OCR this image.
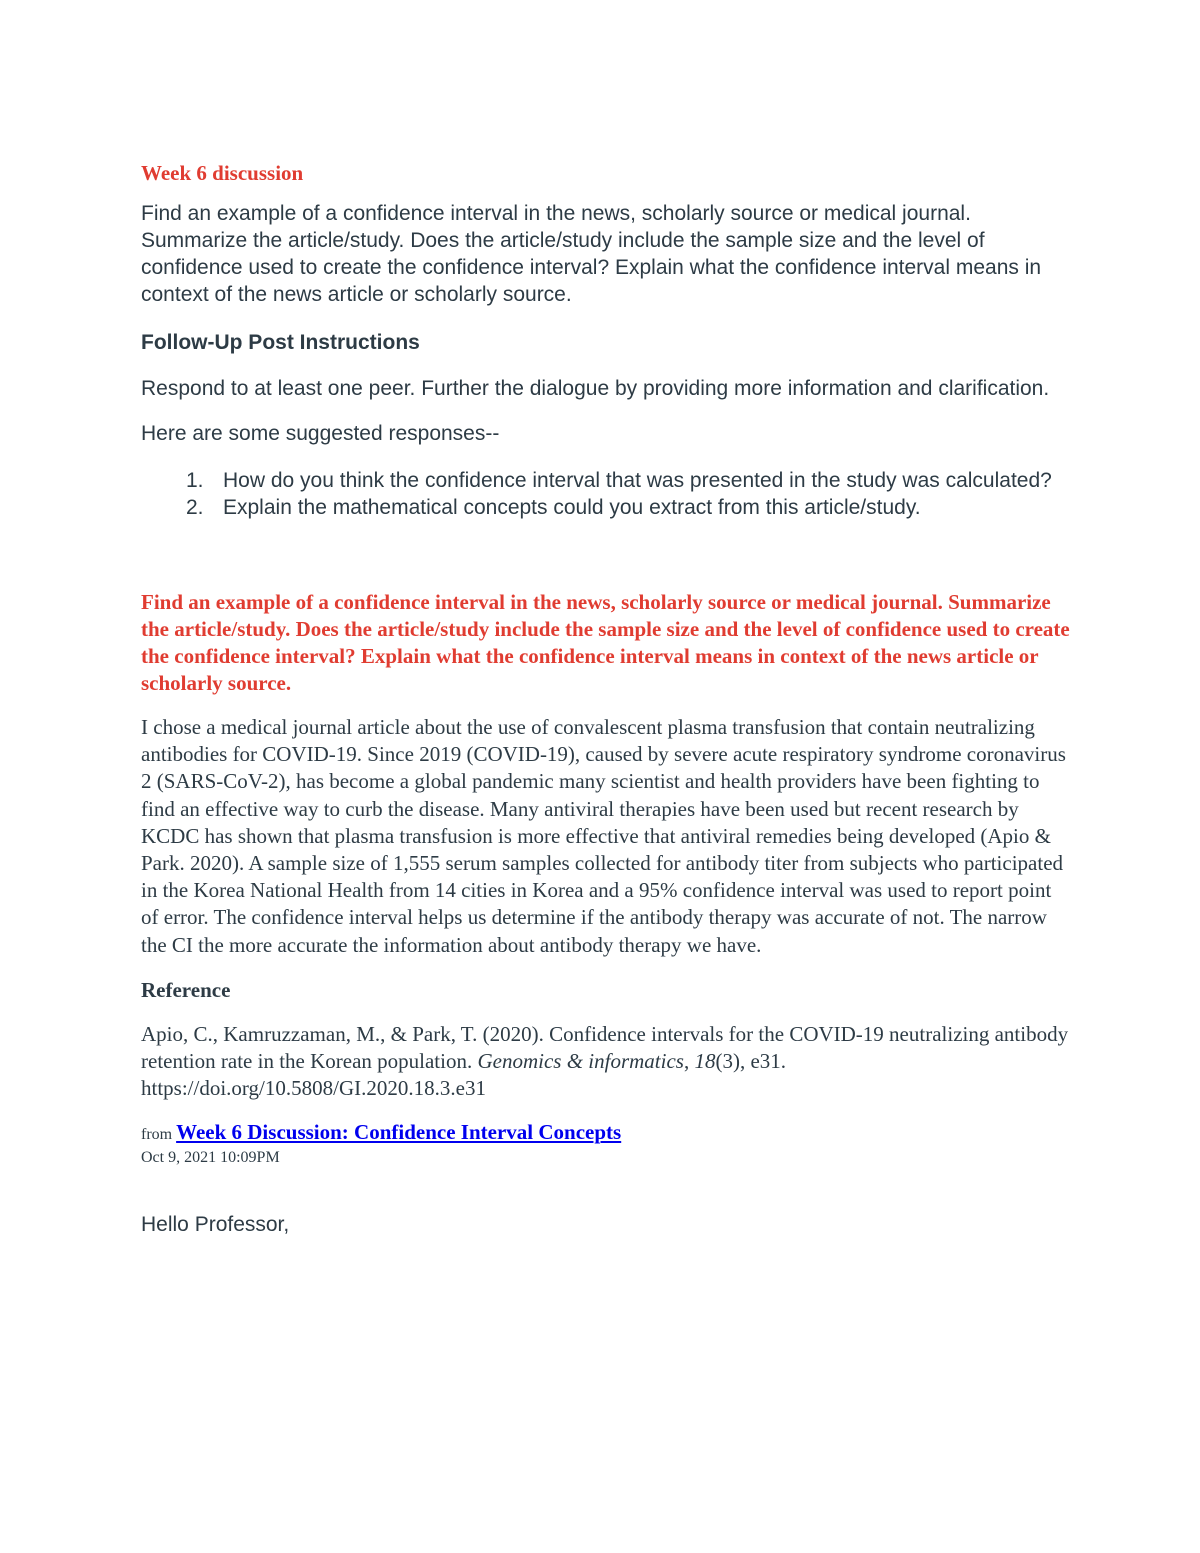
Week 6 discussion

Find an example of a confidence interval in the news, scholarly source or medical journal. Summarize the article/study. Does the article/study include the sample size and the level of confidence used to create the confidence interval? Explain what the confidence interval means in context of the news article or scholarly source.

Follow-Up Post Instructions

Respond to at least one peer. Further the dialogue by providing more information and clarification.

Here are some suggested responses--

1. How do you think the confidence interval that was presented in the study was calculated?
2. Explain the mathematical concepts could you extract from this article/study.

Find an example of a confidence interval in the news, scholarly source or medical journal. Summarize the article/study. Does the article/study include the sample size and the level of confidence used to create the confidence interval? Explain what the confidence interval means in context of the news article or scholarly source.

I chose a medical journal article about the use of convalescent plasma transfusion that contain neutralizing antibodies for COVID-19. Since 2019 (COVID-19), caused by severe acute respiratory syndrome coronavirus 2 (SARS-CoV-2), has become a global pandemic many scientist and health providers have been fighting to find an effective way to curb the disease. Many antiviral therapies have been used but recent research by KCDC has shown that plasma transfusion is more effective that antiviral remedies being developed (Apio & Park. 2020). A sample size of 1,555 serum samples collected for antibody titer from subjects who participated in the Korea National Health from 14 cities in Korea and a 95% confidence interval was used to report point of error. The confidence interval helps us determine if the antibody therapy was accurate of not. The narrow the CI the more accurate the information about antibody therapy we have.

Reference

Apio, C., Kamruzzaman, M., & Park, T. (2020). Confidence intervals for the COVID-19 neutralizing antibody retention rate in the Korean population. Genomics & informatics, 18(3), e31. https://doi.org/10.5808/GI.2020.18.3.e31

from Week 6 Discussion: Confidence Interval Concepts

Oct 9, 2021 10:09PM

Hello Professor,
